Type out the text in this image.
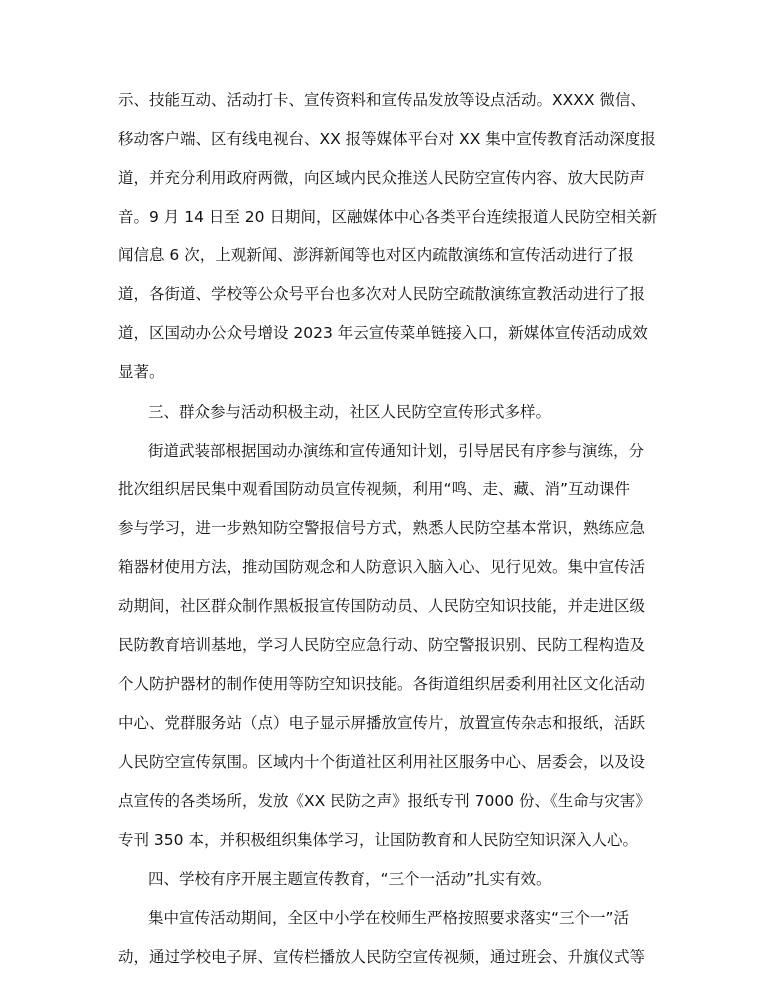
示、技能互动、活动打卡、宣传资料和宣传品发放等设点活动。XXXX 微信、
移动客户端、区有线电视台、XX 报等媒体平台对 XX 集中宣传教育活动深度报
道，并充分利用政府两微，向区域内民众推送人民防空宣传内容、放大民防声
音。9 月 14 日至 20 日期间，区融媒体中心各类平台连续报道人民防空相关新
闻信息 6 次，上观新闻、澎湃新闻等也对区内疏散演练和宣传活动进行了报
道，各街道、学校等公众号平台也多次对人民防空疏散演练宣教活动进行了报
道，区国动办公众号增设 2023 年云宣传菜单链接入口，新媒体宣传活动成效
显著。
三、群众参与活动积极主动，社区人民防空宣传形式多样。
街道武装部根据国动办演练和宣传通知计划，引导居民有序参与演练，分
批次组织居民集中观看国防动员宣传视频，利用“鸣、走、藏、消”互动课件
参与学习，进一步熟知防空警报信号方式，熟悉人民防空基本常识，熟练应急
箱器材使用方法，推动国防观念和人防意识入脑入心、见行见效。集中宣传活
动期间，社区群众制作黑板报宣传国防动员、人民防空知识技能，并走进区级
民防教育培训基地，学习人民防空应急行动、防空警报识别、民防工程构造及
个人防护器材的制作使用等防空知识技能。各街道组织居委利用社区文化活动
中心、党群服务站（点）电子显示屏播放宣传片，放置宣传杂志和报纸，活跃
人民防空宣传氛围。区域内十个街道社区利用社区服务中心、居委会，以及设
点宣传的各类场所，发放《XX 民防之声》报纸专刊 7000 份、《生命与灾害》
专刊 350 本，并积极组织集体学习，让国防教育和人民防空知识深入人心。
四、学校有序开展主题宣传教育，“三个一活动”扎实有效。
集中宣传活动期间，全区中小学在校师生严格按照要求落实“三个一”活
动，通过学校电子屏、宣传栏播放人民防空宣传视频，通过班会、升旗仪式等
